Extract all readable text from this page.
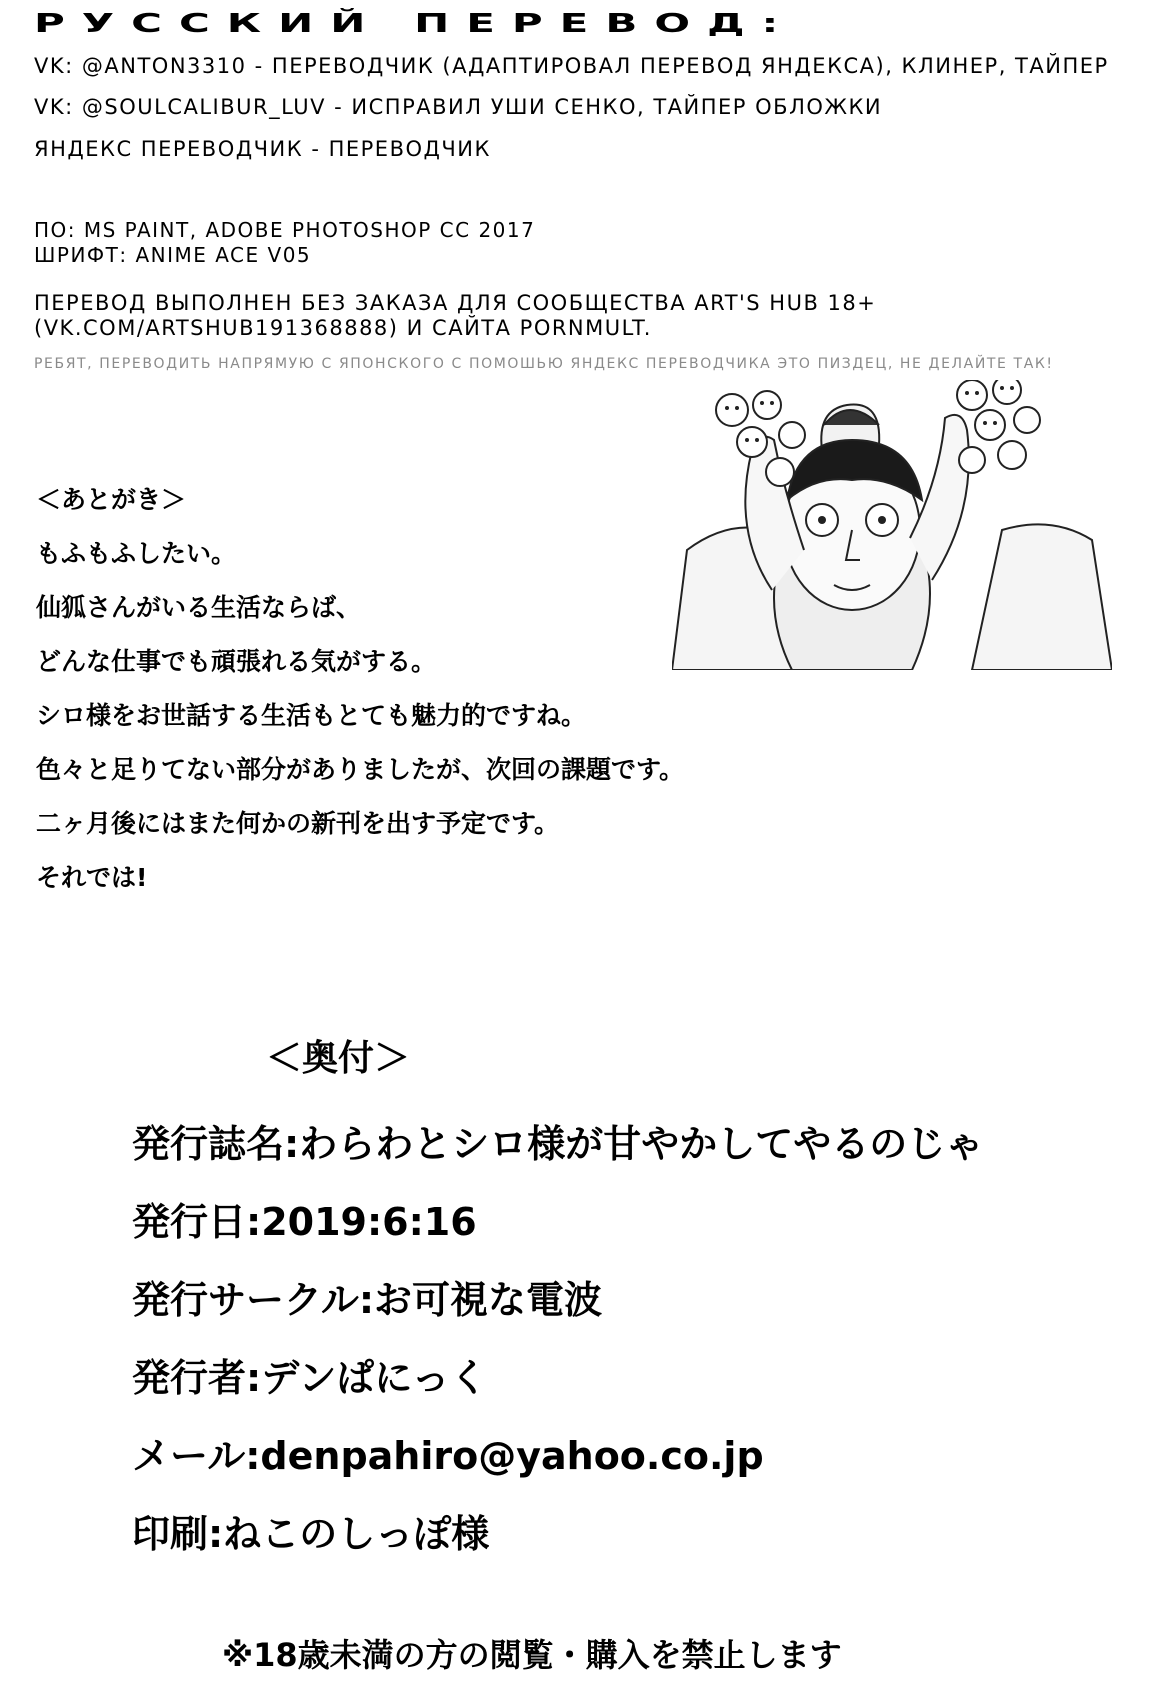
РУССКИЙ ПЕРЕВОД:
VK: @ANTON3310 - ПЕРЕВОДЧИК (АДАПТИРОВАЛ ПЕРЕВОД ЯНДЕКСА), КЛИНЕР, ТАЙПЕР
VK: @SOULCALIBUR_LUV - ИСПРАВИЛ УШИ СЕНКО, ТАЙПЕР ОБЛОЖКИ
ЯНДЕКС ПЕРЕВОДЧИК - ПЕРЕВОДЧИК
ПО: MS PAINT, ADOBE PHOTOSHOP CC 2017
ШРИФТ: ANIME ACE V05
ПЕРЕВОД ВЫПОЛНЕН БЕЗ ЗАКАЗА ДЛЯ СООБЩЕСТВА ART'S HUB 18+
(VK.COM/ARTSHUB191368888) И САЙТА PORNMULT.
РЕБЯТ, ПЕРЕВОДИТЬ НАПРЯМУЮ С ЯПОНСКОГО С ПОМОШЬЮ ЯНДЕКС ПЕРЕВОДЧИКА ЭТО ПИЗДЕЦ, НЕ ДЕЛАЙТЕ ТАК!
＜あとがき＞
もふもふしたい。
仙狐さんがいる生活ならば、
どんな仕事でも頑張れる気がする。
シロ様をお世話する生活もとても魅力的ですね。
色々と足りてない部分がありましたが、次回の課題です。
二ヶ月後にはまた何かの新刊を出す予定です。
それでは!
＜奥付＞
発行誌名:わらわとシロ様が甘やかしてやるのじゃ
発行日:2019:6:16
発行サークル:お可視な電波
発行者:デンぱにっく
メール:denpahiro@yahoo.co.jp
印刷:ねこのしっぽ様
※18歳未満の方の閲覧・購入を禁止します
